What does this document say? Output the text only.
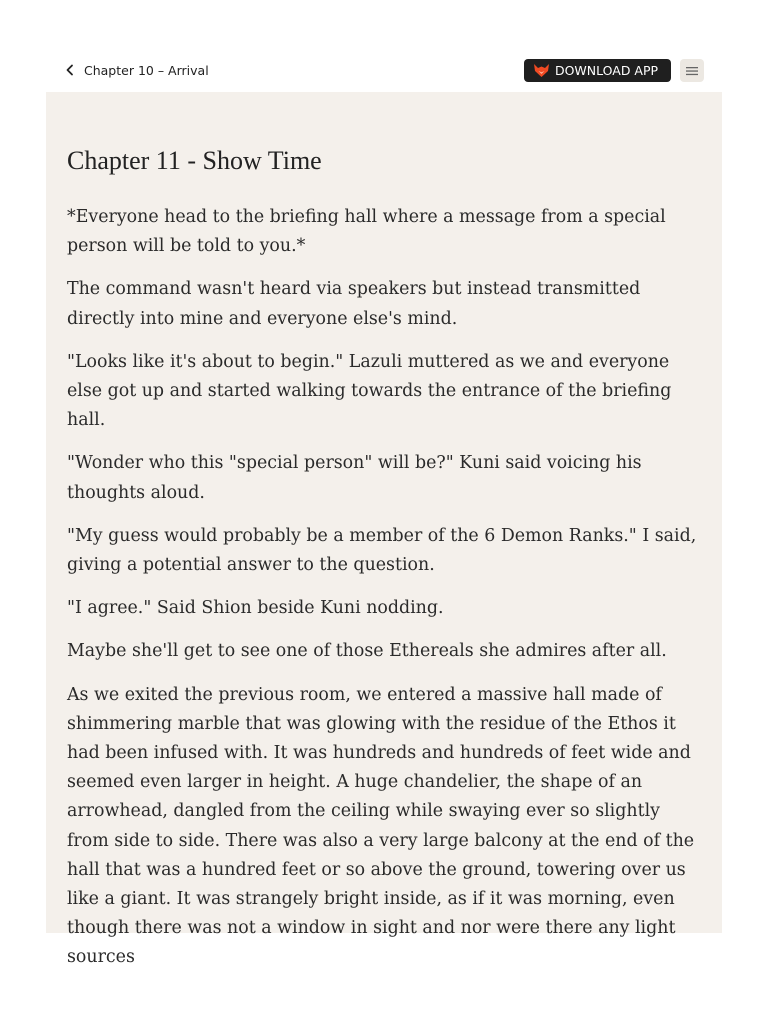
Chapter 10 – Arrival	DOWNLOAD APP
Chapter 11 - Show Time

*Everyone head to the briefing hall where a message from a special person will be told to you.*

The command wasn't heard via speakers but instead transmitted directly into mine and everyone else's mind.

"Looks like it's about to begin." Lazuli muttered as we and everyone else got up and started walking towards the entrance of the briefing hall.

"Wonder who this "special person" will be?" Kuni said voicing his thoughts aloud.

"My guess would probably be a member of the 6 Demon Ranks." I said, giving a potential answer to the question.

"I agree." Said Shion beside Kuni nodding.

Maybe she'll get to see one of those Ethereals she admires after all.

As we exited the previous room, we entered a massive hall made of shimmering marble that was glowing with the residue of the Ethos it had been infused with. It was hundreds and hundreds of feet wide and seemed even larger in height. A huge chandelier, the shape of an arrowhead, dangled from the ceiling while swaying ever so slightly from side to side. There was also a very large balcony at the end of the hall that was a hundred feet or so above the ground, towering over us like a giant. It was strangely bright inside, as if it was morning, even though there was not a window in sight and nor were there any light sources
